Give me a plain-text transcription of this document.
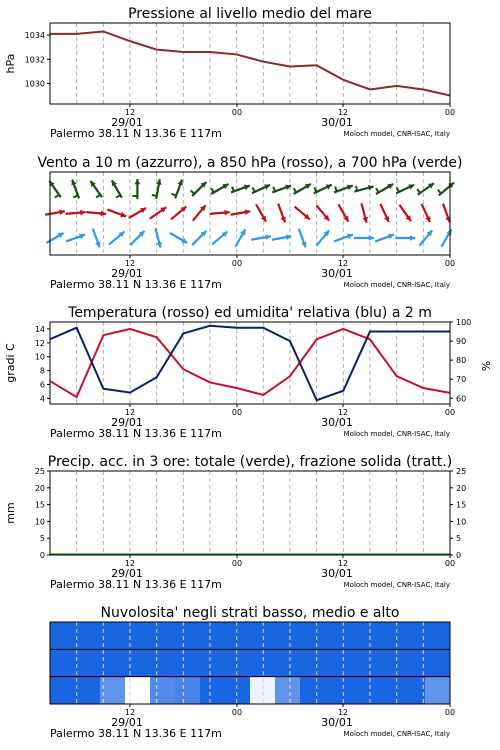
Pressione al livello medio del mare
1030
1032
1034
hPa
12	00	12	00
29/01	30/01
Palermo 38.11 N 13.36 E 117m	Moloch model, CNR-ISAC, Italy
Vento a 10 m (azzurro), a 850 hPa (rosso), a 700 hPa (verde)
12	00	12	00
29/01	30/01
Palermo 38.11 N 13.36 E 117m	Moloch model, CNR-ISAC, Italy
Temperatura (rosso) ed umidita' relativa (blu) a 2 m
4
6
8
10
12
14
60
70
80
90
100
gradi C	%
12	00	12	00
29/01	30/01
Palermo 38.11 N 13.36 E 117m	Moloch model, CNR-ISAC, Italy
Precip. acc. in 3 ore: totale (verde), frazione solida (tratt.)
0
5
10
15
20
25
0
5
10
15
20
25
mm
12	00	12	00
29/01	30/01
Palermo 38.11 N 13.36 E 117m	Moloch model, CNR-ISAC, Italy
Nuvolosita' negli strati basso, medio e alto
12	00	12	00
29/01	30/01
Palermo 38.11 N 13.36 E 117m	Moloch model, CNR-ISAC, Italy
